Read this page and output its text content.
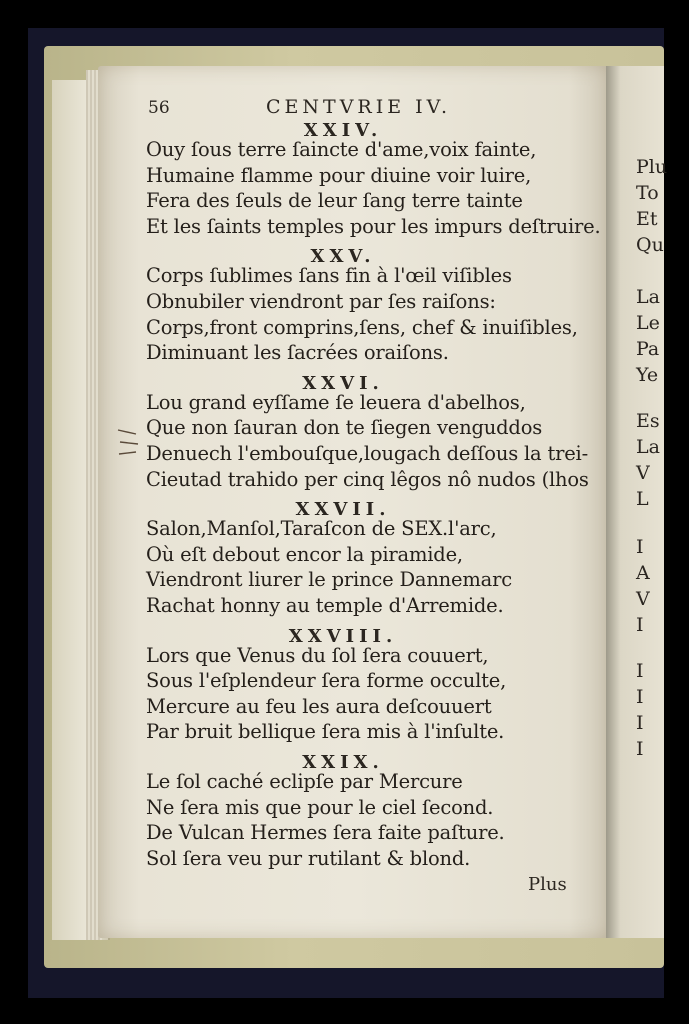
Plu
To
Et
Qu
La
Le
Pa
Ye
Es
La
V
L
I
A
V
I
I
I
I
I
56	CENTVRIE IV.
XXIV.
Ouy ſous terre ſaincte d'ame,voix fainte,
Humaine flamme pour diuine voir luire,
Fera des ſeuls de leur ſang terre tainte
Et les ſaints temples pour les impurs deſtruire.
XXV.
Corps ſublimes ſans fin à l'œil viſibles
Obnubiler viendront par ſes raiſons:
Corps,front comprins,ſens, chef & inuiſibles,
Diminuant les ſacrées oraiſons.
XXVI.
Lou grand eyſſame ſe leuera d'abelhos,
Que non ſauran don te ſiegen venguddos
Denuech l'embouſque,lougach deſſous la trei-
Cieutad trahido per cinq lêgos nô nudos (lhos
XXVII.
Salon,Manſol,Taraſcon de SEX.l'arc,
Où eſt debout encor la piramide,
Viendront liurer le prince Dannemarc
Rachat honny au temple d'Arremide.
XXVIII.
Lors que Venus du ſol ſera couuert,
Sous l'eſplendeur ſera forme occulte,
Mercure au feu les aura deſcouuert
Par bruit bellique ſera mis à l'inſulte.
XXIX.
Le ſol caché eclipſe par Mercure
Ne ſera mis que pour le ciel ſecond.
De Vulcan Hermes ſera faite paſture.
Sol ſera veu pur rutilant & blond.
Plus
